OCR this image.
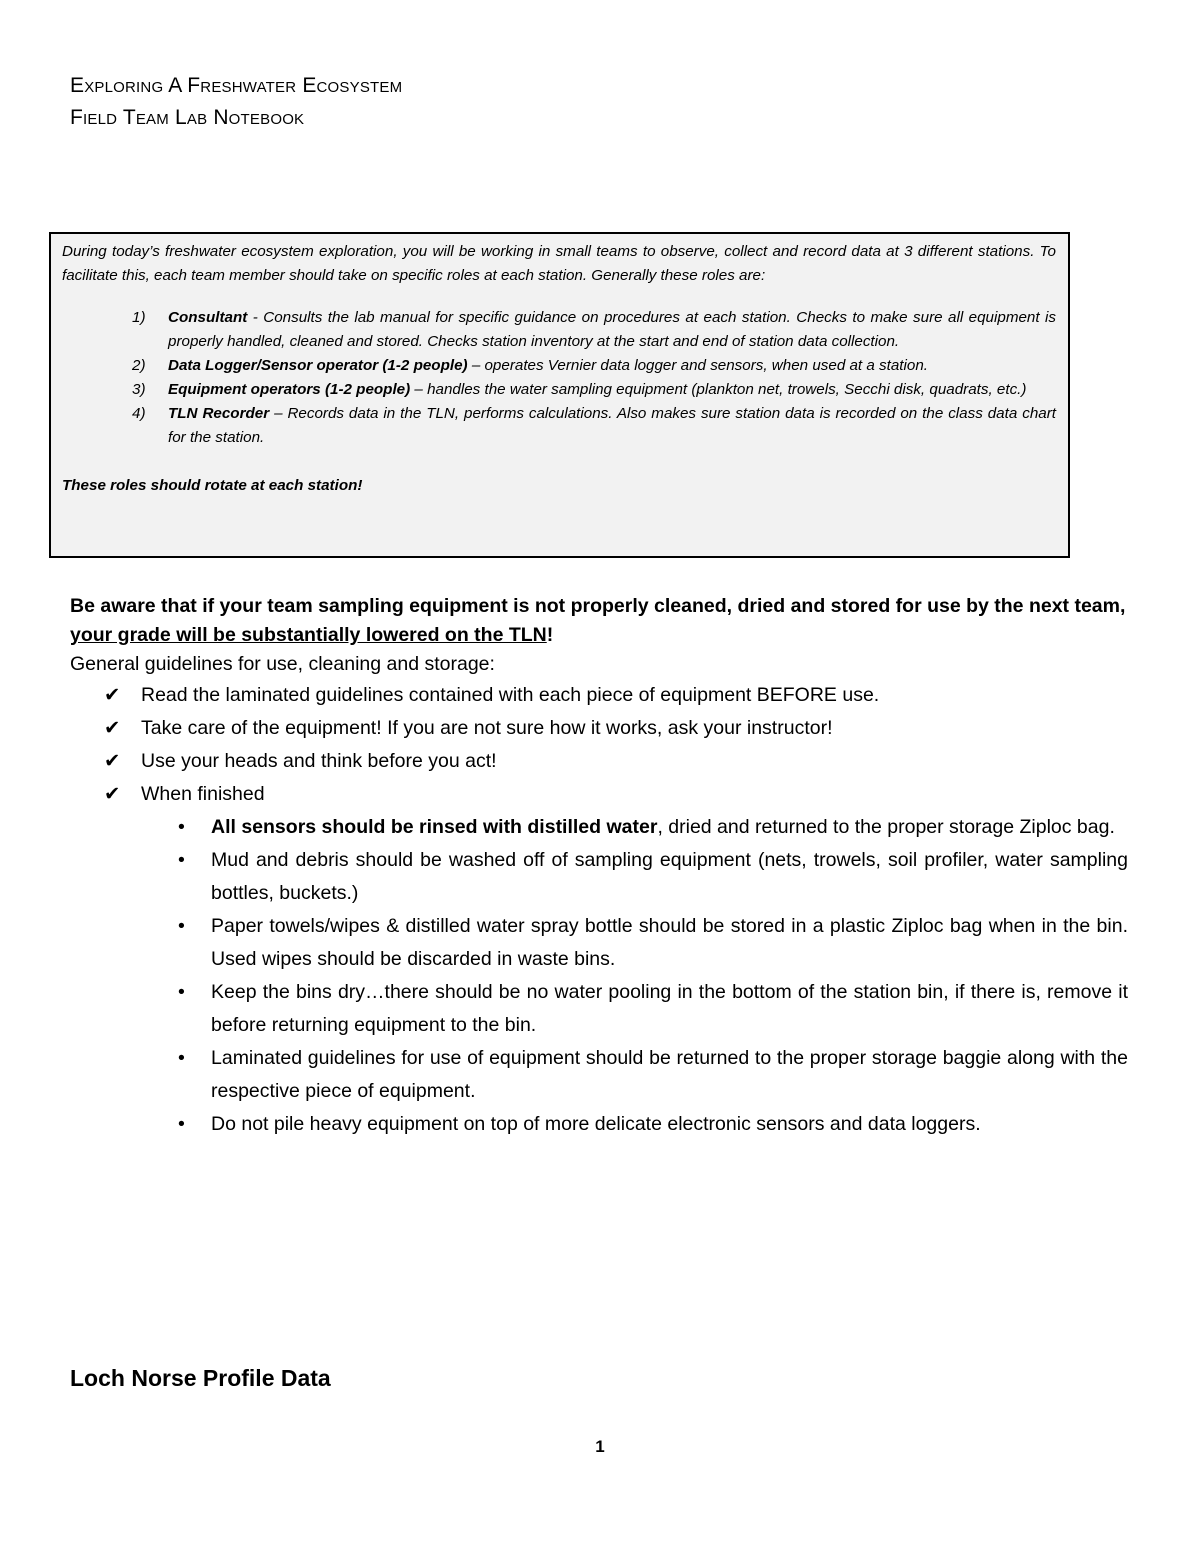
Exploring A Freshwater Ecosystem
Field Team Lab Notebook

During today’s freshwater ecosystem exploration, you will be working in small teams to observe, collect and record data at 3 different stations. To facilitate this, each team member should take on specific roles at each station. Generally these roles are:

1) Consultant - Consults the lab manual for specific guidance on procedures at each station. Checks to make sure all equipment is properly handled, cleaned and stored. Checks station inventory at the start and end of station data collection.
2) Data Logger/Sensor operator (1-2 people) – operates Vernier data logger and sensors, when used at a station.
3) Equipment operators (1-2 people) – handles the water sampling equipment (plankton net, trowels, Secchi disk, quadrats, etc.)
4) TLN Recorder – Records data in the TLN, performs calculations. Also makes sure station data is recorded on the class data chart for the station.

These roles should rotate at each station!

Be aware that if your team sampling equipment is not properly cleaned, dried and stored for use by the next team, your grade will be substantially lowered on the TLN!

General guidelines for use, cleaning and storage:

✔ Read the laminated guidelines contained with each piece of equipment BEFORE use.
✔ Take care of the equipment! If you are not sure how it works, ask your instructor!
✔ Use your heads and think before you act!
✔ When finished
• All sensors should be rinsed with distilled water, dried and returned to the proper storage Ziploc bag.
• Mud and debris should be washed off of sampling equipment (nets, trowels, soil profiler, water sampling bottles, buckets.)
• Paper towels/wipes & distilled water spray bottle should be stored in a plastic Ziploc bag when in the bin. Used wipes should be discarded in waste bins.
• Keep the bins dry…there should be no water pooling in the bottom of the station bin, if there is, remove it before returning equipment to the bin.
• Laminated guidelines for use of equipment should be returned to the proper storage baggie along with the respective piece of equipment.
• Do not pile heavy equipment on top of more delicate electronic sensors and data loggers.
Loch Norse Profile Data
1
